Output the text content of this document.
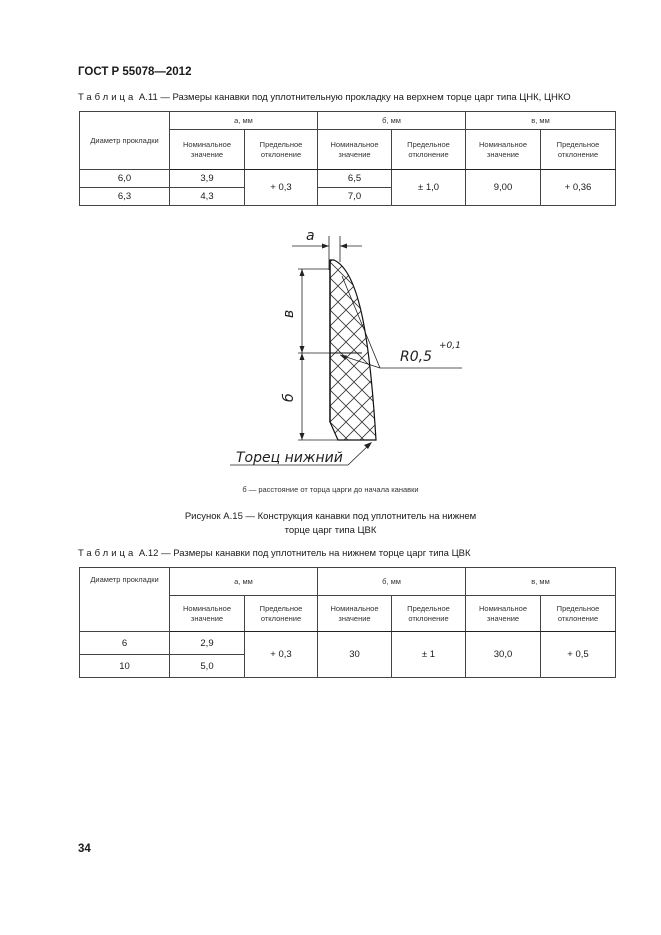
ГОСТ Р 55078—2012
Таблица А.11 — Размеры канавки под уплотнительную прокладку на верхнем торце царг типа ЦНК, ЦНКО
Диаметр прокладки	а, мм		б, мм		в, мм	
	Номинальное значение	Предельное отклонение	Номинальное значение	Предельное отклонение	Номинальное значение	Предельное отклонение
6,0	3,9	+ 0,3	6,5	± 1,0	9,00	+ 0,36
6,3	4,3		7,0			
а
в
б
R0,5
+0,1
Торец нижний

б — расстояние от торца царги до начала канавки

Рисунок А.15 — Конструкция канавки под уплотнитель на нижнем
торце царг типа ЦВК

Таблица А.12 — Размеры канавки под уплотнитель на нижнем торце царг типа ЦВК
Диаметр прокладки	а, мм		б, мм		в, мм	
	Номинальное значение	Предельное отклонение	Номинальное значение	Предельное отклонение	Номинальное значение	Предельное отклонение
6	2,9	+ 0,3	30	± 1	30,0	+ 0,5
10	5,0					
34
